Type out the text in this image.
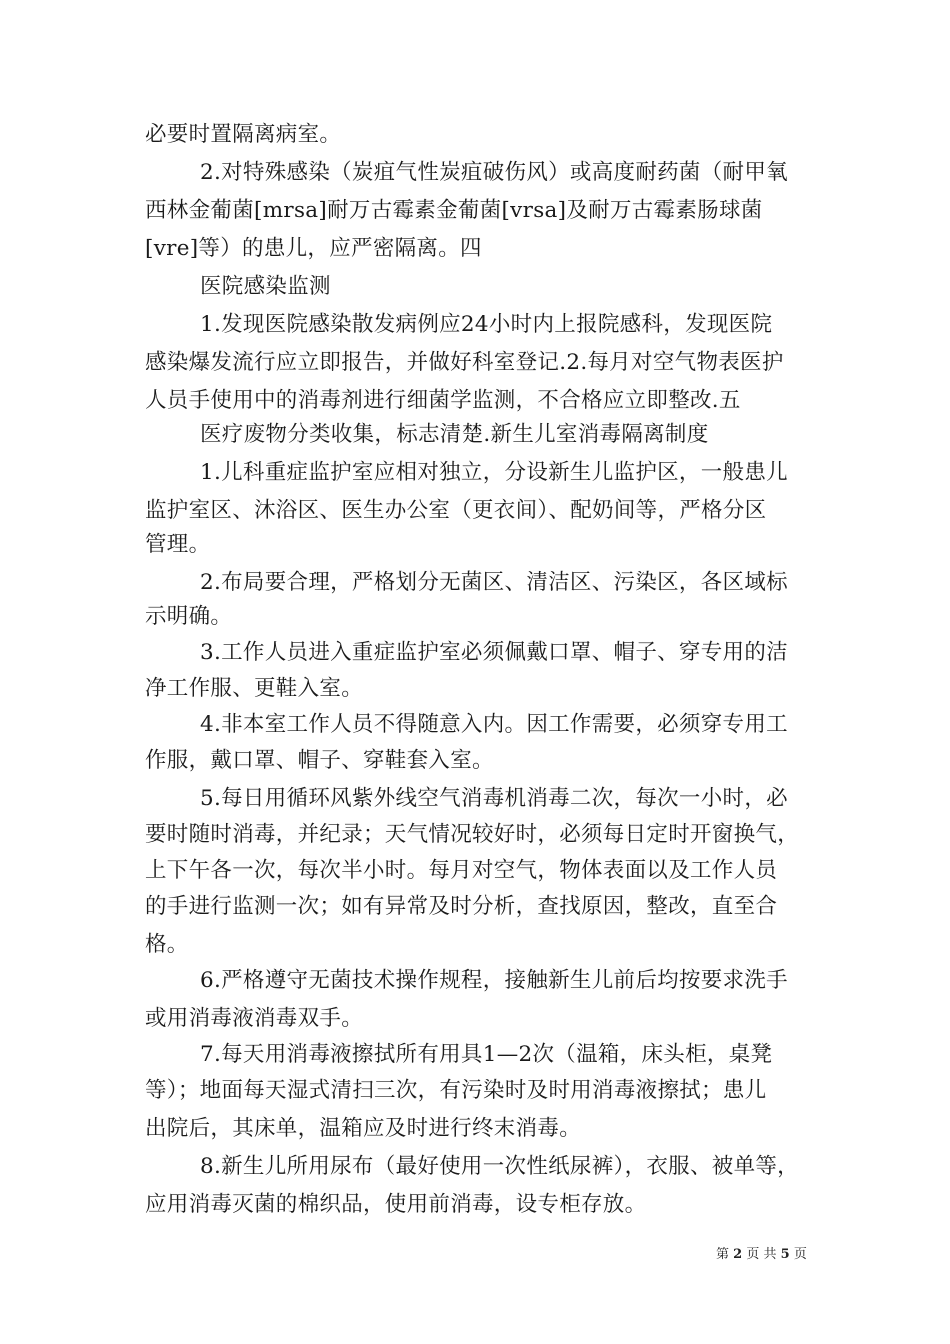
必要时置隔离病室。
2.对特殊感染（炭疽气性炭疽破伤风）或高度耐药菌（耐甲氧
西林金葡菌[mrsa]耐万古霉素金葡菌[vrsa]及耐万古霉素肠球菌
[vre]等）的患儿，应严密隔离。四
医院感染监测
1.发现医院感染散发病例应24小时内上报院感科，发现医院
感染爆发流行应立即报告，并做好科室登记.2.每月对空气物表医护
人员手使用中的消毒剂进行细菌学监测，不合格应立即整改.五
医疗废物分类收集，标志清楚.新生儿室消毒隔离制度
1.儿科重症监护室应相对独立，分设新生儿监护区，一般患儿
监护室区、沐浴区、医生办公室（更衣间）、配奶间等，严格分区
管理。
2.布局要合理，严格划分无菌区、清洁区、污染区，各区域标
示明确。
3.工作人员进入重症监护室必须佩戴口罩、帽子、穿专用的洁
净工作服、更鞋入室。
4.非本室工作人员不得随意入内。因工作需要，必须穿专用工
作服，戴口罩、帽子、穿鞋套入室。
5.每日用循环风紫外线空气消毒机消毒二次，每次一小时，必
要时随时消毒，并纪录；天气情况较好时，必须每日定时开窗换气，
上下午各一次，每次半小时。每月对空气，物体表面以及工作人员
的手进行监测一次；如有异常及时分析，查找原因，整改，直至合
格。
6.严格遵守无菌技术操作规程，接触新生儿前后均按要求洗手
或用消毒液消毒双手。
7.每天用消毒液擦拭所有用具1—2次（温箱，床头柜，桌凳
等）；地面每天湿式清扫三次，有污染时及时用消毒液擦拭；患儿
出院后，其床单，温箱应及时进行终末消毒。
8.新生儿所用尿布（最好使用一次性纸尿裤），衣服、被单等，
应用消毒灭菌的棉织品，使用前消毒，设专柜存放。
第 2 页 共 5 页
